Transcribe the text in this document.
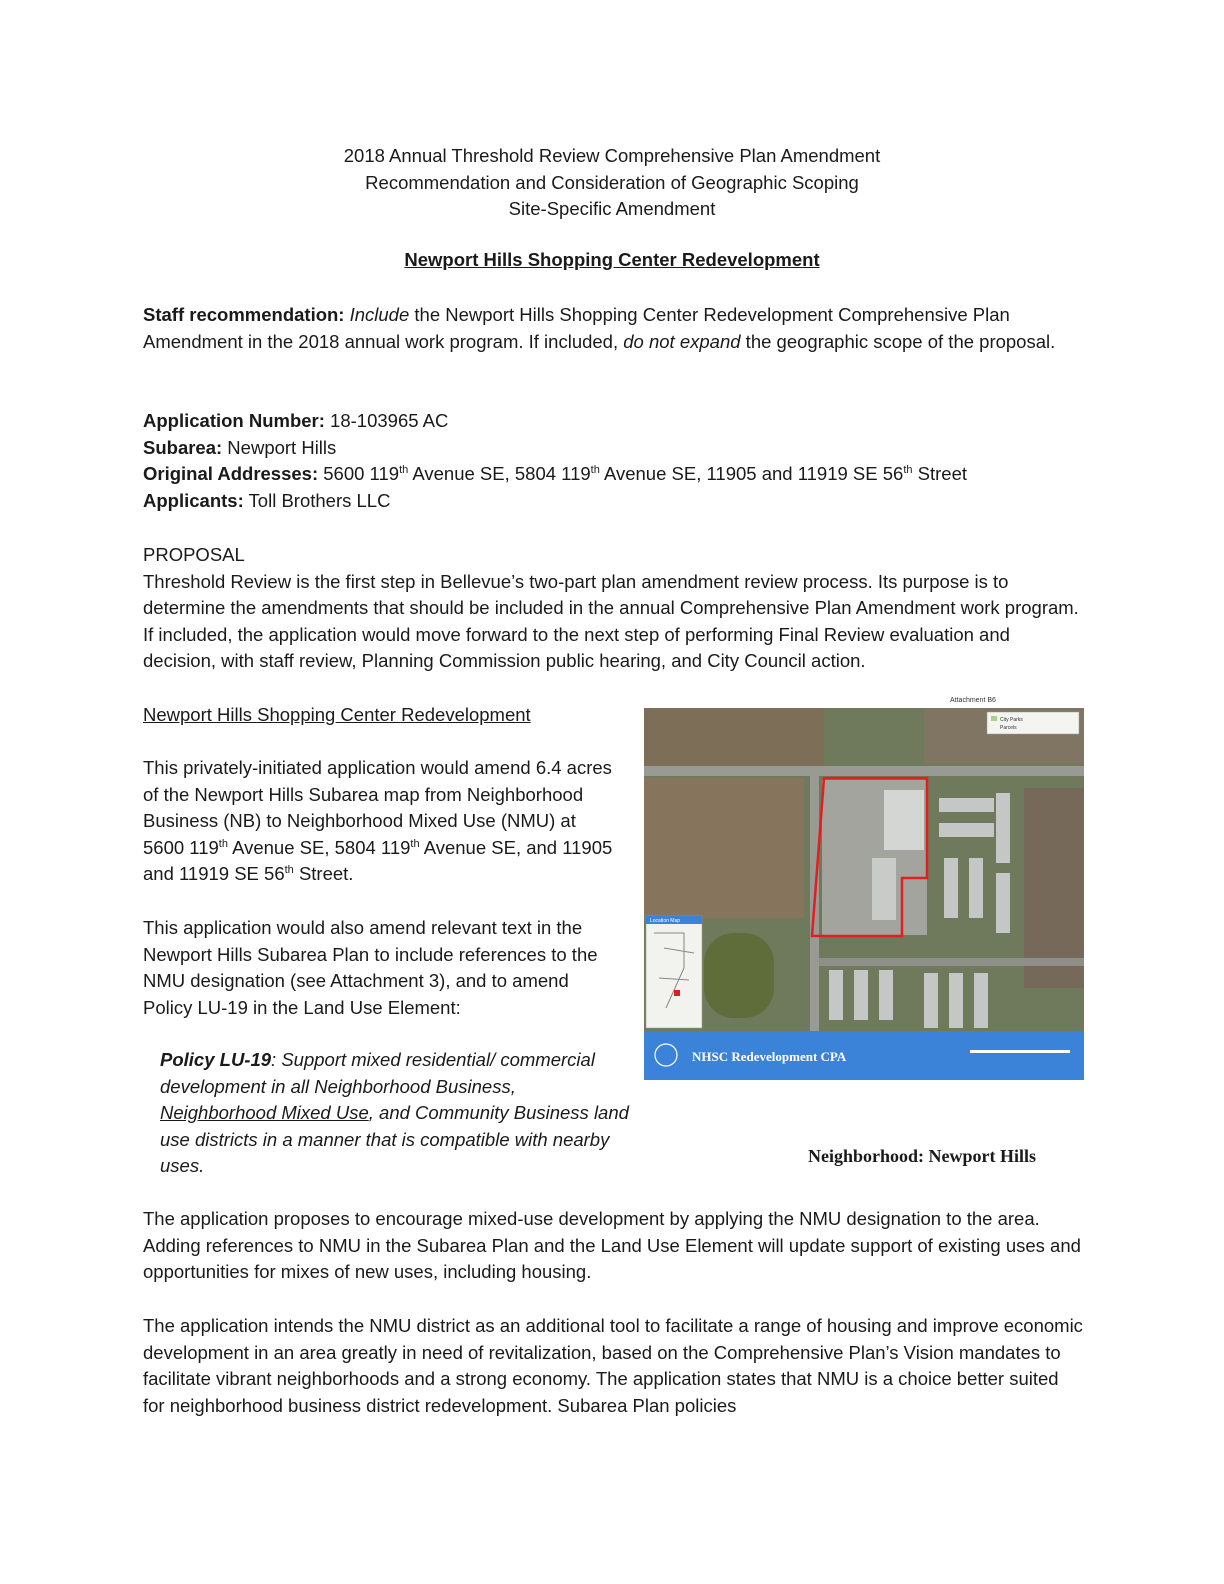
2018 Annual Threshold Review Comprehensive Plan Amendment
Recommendation and Consideration of Geographic Scoping
Site-Specific Amendment
Newport Hills Shopping Center Redevelopment
Staff recommendation: Include the Newport Hills Shopping Center Redevelopment Comprehensive Plan Amendment in the 2018 annual work program. If included, do not expand the geographic scope of the proposal.
Application Number: 18-103965 AC
Subarea: Newport Hills
Original Addresses: 5600 119th Avenue SE, 5804 119th Avenue SE, 11905 and 11919 SE 56th Street
Applicants: Toll Brothers LLC
PROPOSAL
Threshold Review is the first step in Bellevue’s two-part plan amendment review process. Its purpose is to determine the amendments that should be included in the annual Comprehensive Plan Amendment work program. If included, the application would move forward to the next step of performing Final Review evaluation and decision, with staff review, Planning Commission public hearing, and City Council action.
Newport Hills Shopping Center Redevelopment
This privately-initiated application would amend 6.4 acres of the Newport Hills Subarea map from Neighborhood Business (NB) to Neighborhood Mixed Use (NMU) at 5600 119th Avenue SE, 5804 119th Avenue SE, and 11905 and 11919 SE 56th Street.
This application would also amend relevant text in the Newport Hills Subarea Plan to include references to the NMU designation (see Attachment 3), and to amend Policy LU-19 in the Land Use Element:
Policy LU-19: Support mixed residential/ commercial development in all Neighborhood Business, Neighborhood Mixed Use, and Community Business land use districts in a manner that is compatible with nearby uses.
Attachment B6
City Parks
Parcels
Location Map
NHSC Redevelopment CPA
Neighborhood: Newport Hills
The application proposes to encourage mixed-use development by applying the NMU designation to the area. Adding references to NMU in the Subarea Plan and the Land Use Element will update support of existing uses and opportunities for mixes of new uses, including housing.
The application intends the NMU district as an additional tool to facilitate a range of housing and improve economic development in an area greatly in need of revitalization, based on the Comprehensive Plan’s Vision mandates to facilitate vibrant neighborhoods and a strong economy. The application states that NMU is a choice better suited for neighborhood business district redevelopment. Subarea Plan policies
